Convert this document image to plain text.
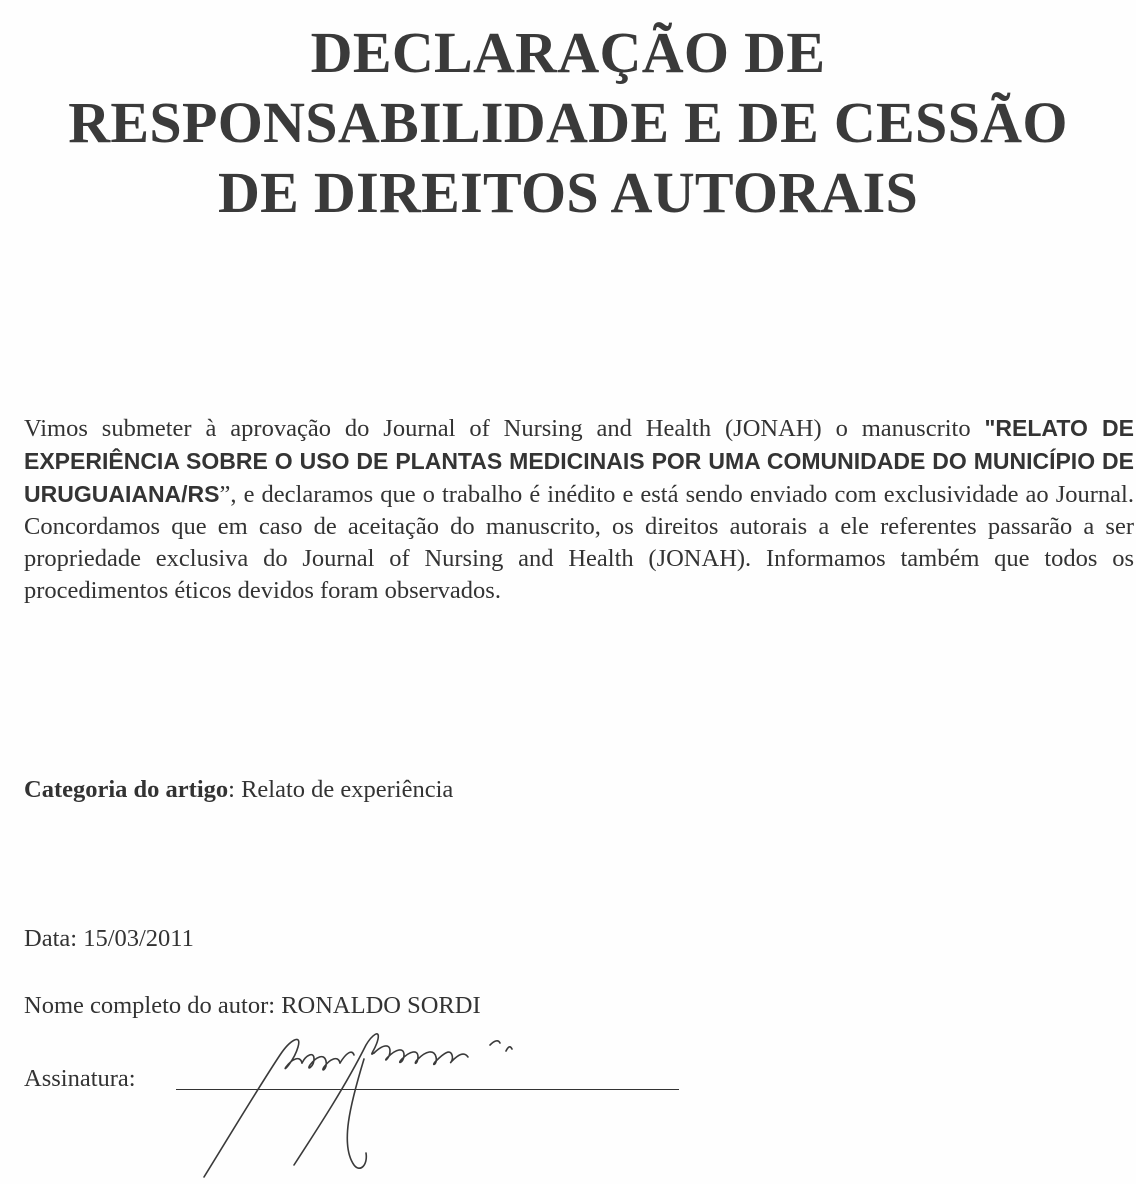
DECLARAÇÃO DE
RESPONSABILIDADE E DE CESSÃO
DE DIREITOS AUTORAIS

Vimos submeter à aprovação do Journal of Nursing and Health (JONAH) o manuscrito "RELATO DE EXPERIÊNCIA SOBRE O USO DE PLANTAS MEDICINAIS POR UMA COMUNIDADE DO MUNICÍPIO DE URUGUAIANA/RS”, e declaramos que o trabalho é inédito e está sendo enviado com exclusividade ao Journal. Concordamos que em caso de aceitação do manuscrito, os direitos autorais a ele referentes passarão a ser propriedade exclusiva do Journal of Nursing and Health (JONAH). Informamos também que todos os procedimentos éticos devidos foram observados.

Categoria do artigo: Relato de experiência
Data: 15/03/2011
Nome completo do autor: RONALDO SORDI
Assinatura:
